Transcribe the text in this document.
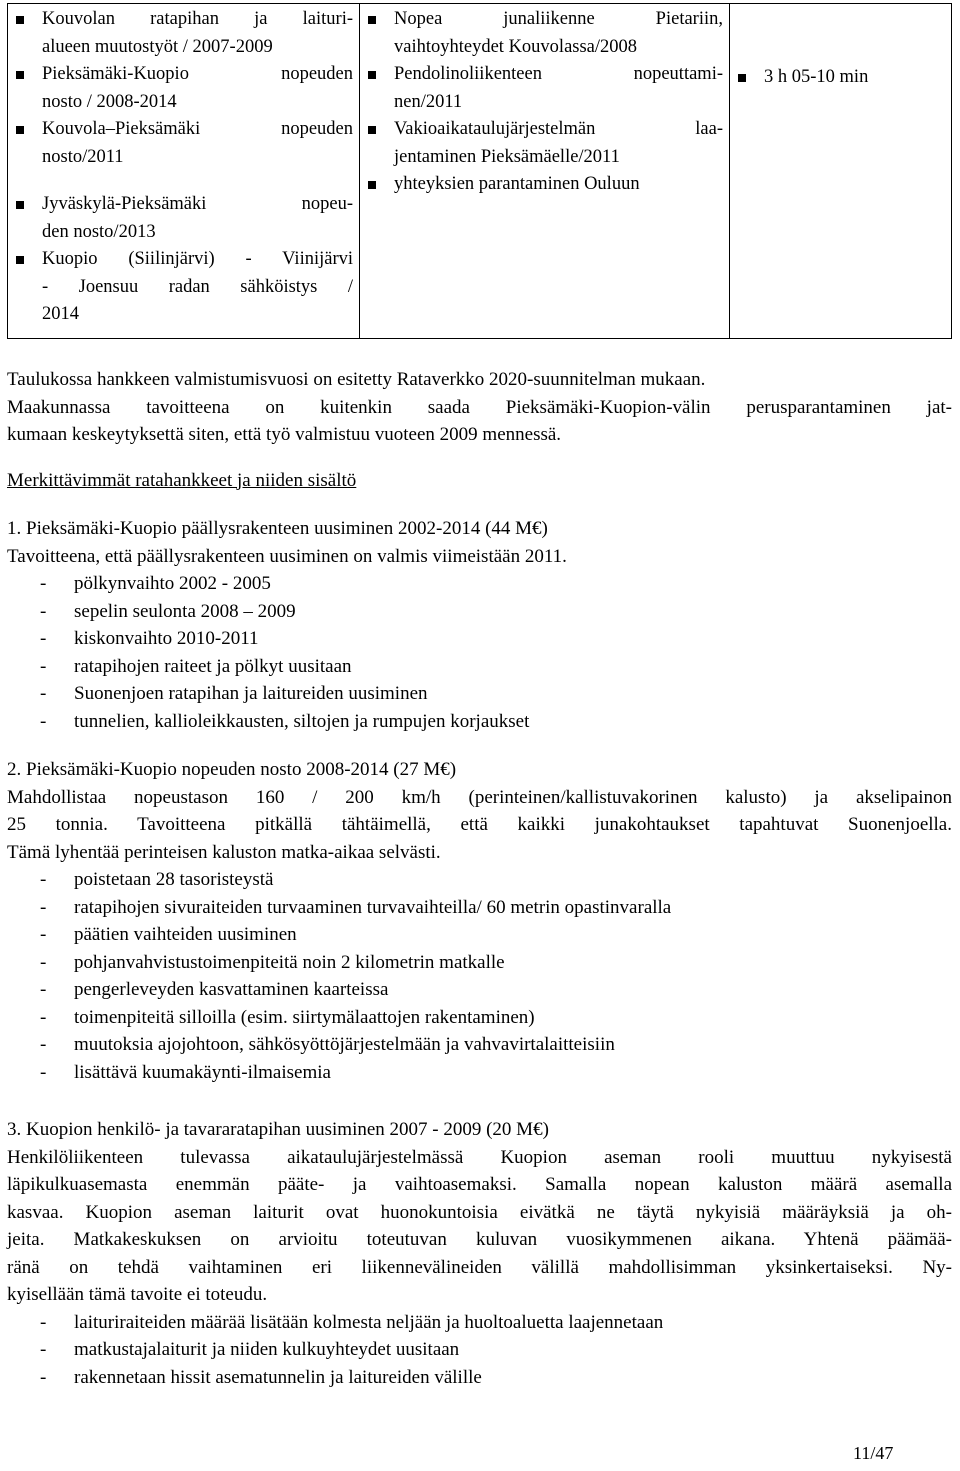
Kouvolan ratapihan ja laituri-
alueen muutostyöt / 2007-2009
Pieksämäki-Kuopio nopeuden
nosto / 2008-2014
Kouvola–Pieksämäki nopeuden
nosto/2011
Jyväskylä-Pieksämäki nopeu-
den nosto/2013
Kuopio (Siilinjärvi) - Viinijärvi
- Joensuu radan sähköistys /
2014
Nopea junaliikenne Pietariin,
vaihtoyhteydet Kouvolassa/2008
Pendolinoliikenteen nopeuttami-
nen/2011
Vakioaikataulujärjestelmän laa-
jentaminen Pieksämäelle/2011
yhteyksien parantaminen Ouluun
3 h 05-10 min
Taulukossa hankkeen valmistumisvuosi on esitetty Rataverkko 2020-suunnitelman mukaan.
Maakunnassa tavoitteena on kuitenkin saada Pieksämäki-Kuopion-välin perusparantaminen jat-
kumaan keskeytyksettä siten, että työ valmistuu vuoteen 2009 mennessä.
Merkittävimmät ratahankkeet ja niiden sisältö
1. Pieksämäki-Kuopio päällysrakenteen uusiminen 2002-2014 (44 M€)
Tavoitteena, että päällysrakenteen uusiminen on valmis viimeistään 2011.
- pölkynvaihto 2002 - 2005
- sepelin seulonta 2008 – 2009
- kiskonvaihto 2010-2011
- ratapihojen raiteet ja pölkyt uusitaan
- Suonenjoen ratapihan ja laitureiden uusiminen
- tunnelien, kallioleikkausten, siltojen ja rumpujen korjaukset
2. Pieksämäki-Kuopio nopeuden nosto 2008-2014 (27 M€)
Mahdollistaa nopeustason 160 / 200 km/h (perinteinen/kallistuvakorinen kalusto) ja akselipainon
25 tonnia. Tavoitteena pitkällä tähtäimellä, että kaikki junakohtaukset tapahtuvat Suonenjoella.
Tämä lyhentää perinteisen kaluston matka-aikaa selvästi.
- poistetaan 28 tasoristeystä
- ratapihojen sivuraiteiden turvaaminen turvavaihteilla/ 60 metrin opastinvaralla
- päätien vaihteiden uusiminen
- pohjanvahvistustoimenpiteitä noin 2 kilometrin matkalle
- pengerleveyden kasvattaminen kaarteissa
- toimenpiteitä silloilla (esim. siirtymälaattojen rakentaminen)
- muutoksia ajojohtoon, sähkösyöttöjärjestelmään ja vahvavirtalaitteisiin
- lisättävä kuumakäynti-ilmaisemia
3. Kuopion henkilö- ja tavararatapihan uusiminen 2007 - 2009 (20 M€)
Henkilöliikenteen tulevassa aikataulujärjestelmässä Kuopion aseman rooli muuttuu nykyisestä
läpikulkuasemasta enemmän pääte- ja vaihtoasemaksi. Samalla nopean kaluston määrä asemalla
kasvaa. Kuopion aseman laiturit ovat huonokuntoisia eivätkä ne täytä nykyisiä määräyksiä ja oh-
jeita. Matkakeskuksen on arvioitu toteutuvan kuluvan vuosikymmenen aikana. Yhtenä päämää-
ränä on tehdä vaihtaminen eri liikennevälineiden välillä mahdollisimman yksinkertaiseksi. Ny-
kyisellään tämä tavoite ei toteudu.
- laituriraiteiden määrää lisätään kolmesta neljään ja huoltoaluetta laajennetaan
- matkustajalaiturit ja niiden kulkuyhteydet uusitaan
- rakennetaan hissit asematunnelin ja laitureiden välille
11/47
